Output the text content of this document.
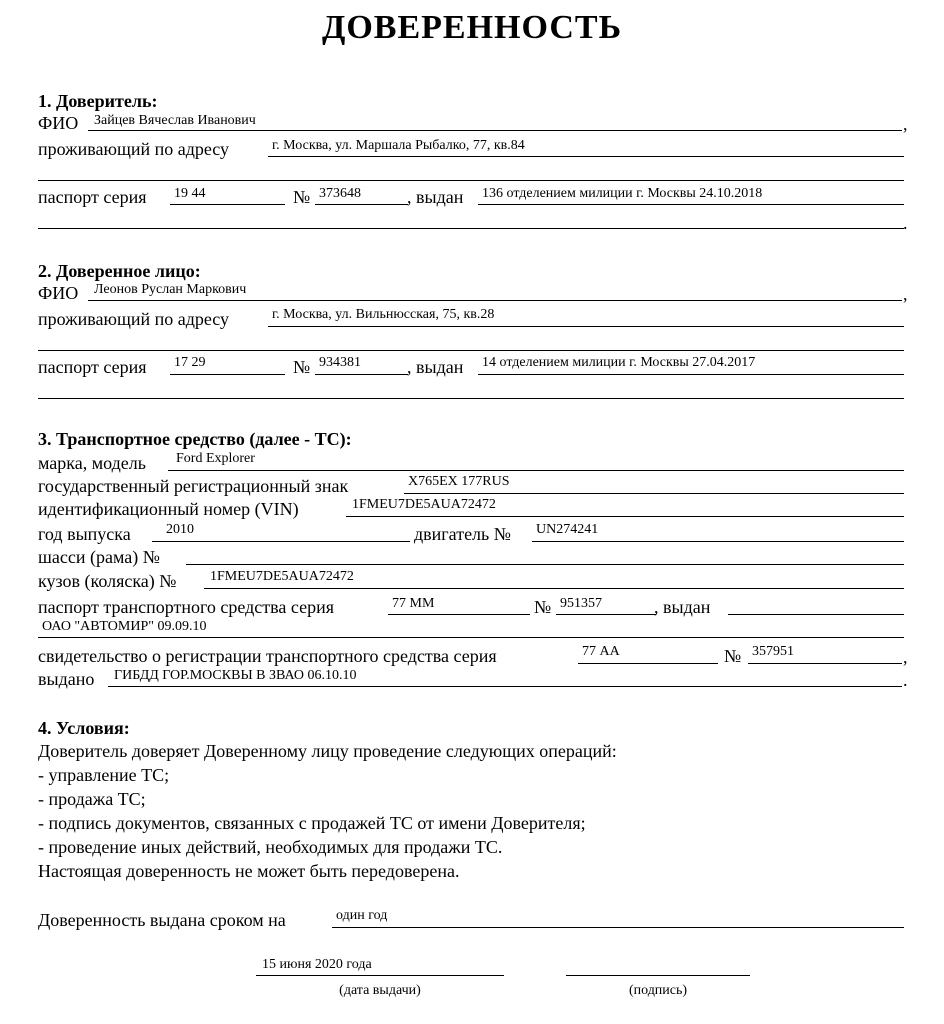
ДОВЕРЕННОСТЬ
1. Доверитель:
ФИО Зайцев Вячеслав Иванович	,
проживающий по адресу	г. Москва, ул. Маршала Рыбалко, 77, кв.84
паспорт серия 19 44	№ 373648	, выдан 136 отделением милиции г. Москвы 24.10.2018
.
2. Доверенное лицо:
ФИО Леонов Руслан Маркович	,
проживающий по адресу	г. Москва, ул. Вильнюсская, 75, кв.28
паспорт серия 17 29	№ 934381	, выдан 14 отделением милиции г. Москвы 27.04.2017
3. Транспортное средство (далее - ТС):
марка, модель Ford Explorer
государственный регистрационный знак	Х765ЕХ 177RUS
идентификационный номер (VIN)	1FMEU7DE5AUA72472
год выпуска	2010	двигатель № UN274241
шасси (рама) №
кузов (коляска) № 1FMEU7DE5AUA72472
паспорт транспортного средства серия	77 ММ	№ 951357	, выдан
ОАО "АВТОМИР" 09.09.10
свидетельство о регистрации транспортного средства серия	77 АА	№ 357951	,
выдано ГИБДД ГОР.МОСКВЫ В ЗВАО 06.10.10	.
4. Условия:
Доверитель доверяет Доверенному лицу проведение следующих операций:
- управление ТС;
- продажа ТС;
- подпись документов, связанных с продажей ТС от имени Доверителя;
- проведение иных действий, необходимых для продажи ТС.
Настоящая доверенность не может быть передоверена.
Доверенность выдана сроком на	один год
15 июня 2020 года
(дата выдачи)	(подпись)
